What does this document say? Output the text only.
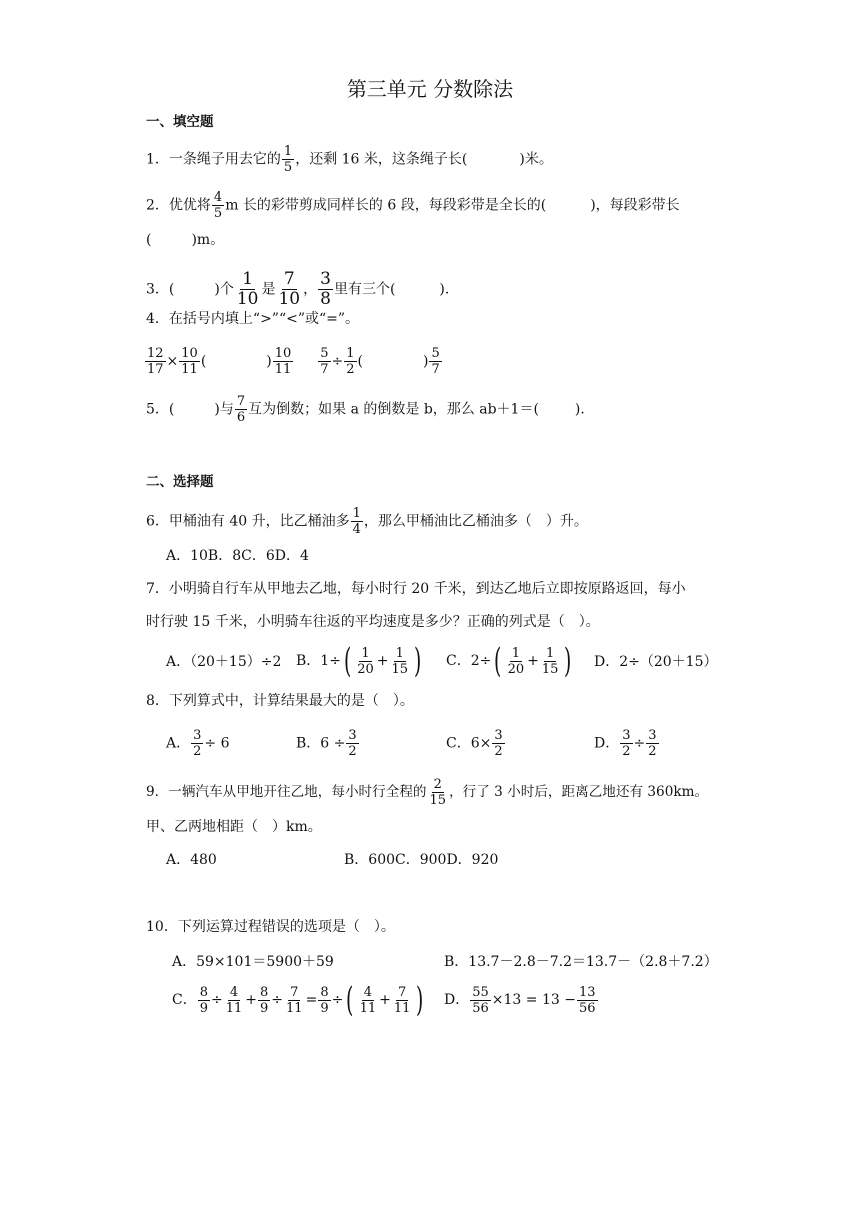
第三单元 分数除法
一、填空题
1．一条绳子用去它的 $\frac{1}{5}$ ，还剩 16 米，这条绳子长(	)米。
2．优优将 $\frac{4}{5}$ m 长的彩带剪成同样长的 6 段，每段彩带是全长的(	)，每段彩带长
(	)m。
3．(	)个 $\frac{1}{10}$ 是 $\frac{7}{10}$ ， $\frac{3}{8}$ 里有三个(	).
4．在括号内填上“>”“<”或“=”。
$\frac{12}{17} \times \frac{10}{11}$ (	) $\frac{10}{11}$
$\frac{5}{7} \div \frac{1}{2}$ (	) $\frac{5}{7}$
5．(	)与 $\frac{7}{6}$ 互为倒数；如果 a 的倒数是 b，那么 ab＋1＝(	).
二、选择题
6．甲桶油有 40 升，比乙桶油多 $\frac{1}{4}$ ，那么甲桶油比乙桶油多（　）升。
A．10B．8C．6D．4
7．小明骑自行车从甲地去乙地，每小时行 20 千米，到达乙地后立即按原路返回，每小
时行驶 15 千米，小明骑车往返的平均速度是多少？正确的列式是（　）。
A．（20＋15）÷2 B．$1\div( \frac{1}{20} + \frac{1}{15}$ ) C．$2\div( \frac{1}{20} + \frac{1}{15}$ ) D．2÷（20＋15）
8．下列算式中，计算结果最大的是（　）。
A． $\frac{3}{2} \div 6$	B．$6 \div \frac{3}{2}$	C．$6\times \frac{3}{2}$	D． $\frac{3}{2} \div \frac{3}{2}$
9．一辆汽车从甲地开往乙地，每小时行全程的 $\frac{2}{15}$ ，行了 3 小时后，距离乙地还有 360km。
甲、乙两地相距（　）km。
A．480	B．600C．900D．920
10．下列运算过程错误的选项是（　）。
A．59×101＝5900＋59	B．13.7－2.8－7.2＝13.7－（2.8＋7.2）
C． $\frac{8}{9} \div \frac{4}{11} + \frac{8}{9} \div \frac{7}{11} = \frac{8}{9}$ ÷( $\frac{4}{11} + \frac{7}{11}$ ) D． $\frac{55}{56} \times 13 = 13 - \frac{13}{56}$
